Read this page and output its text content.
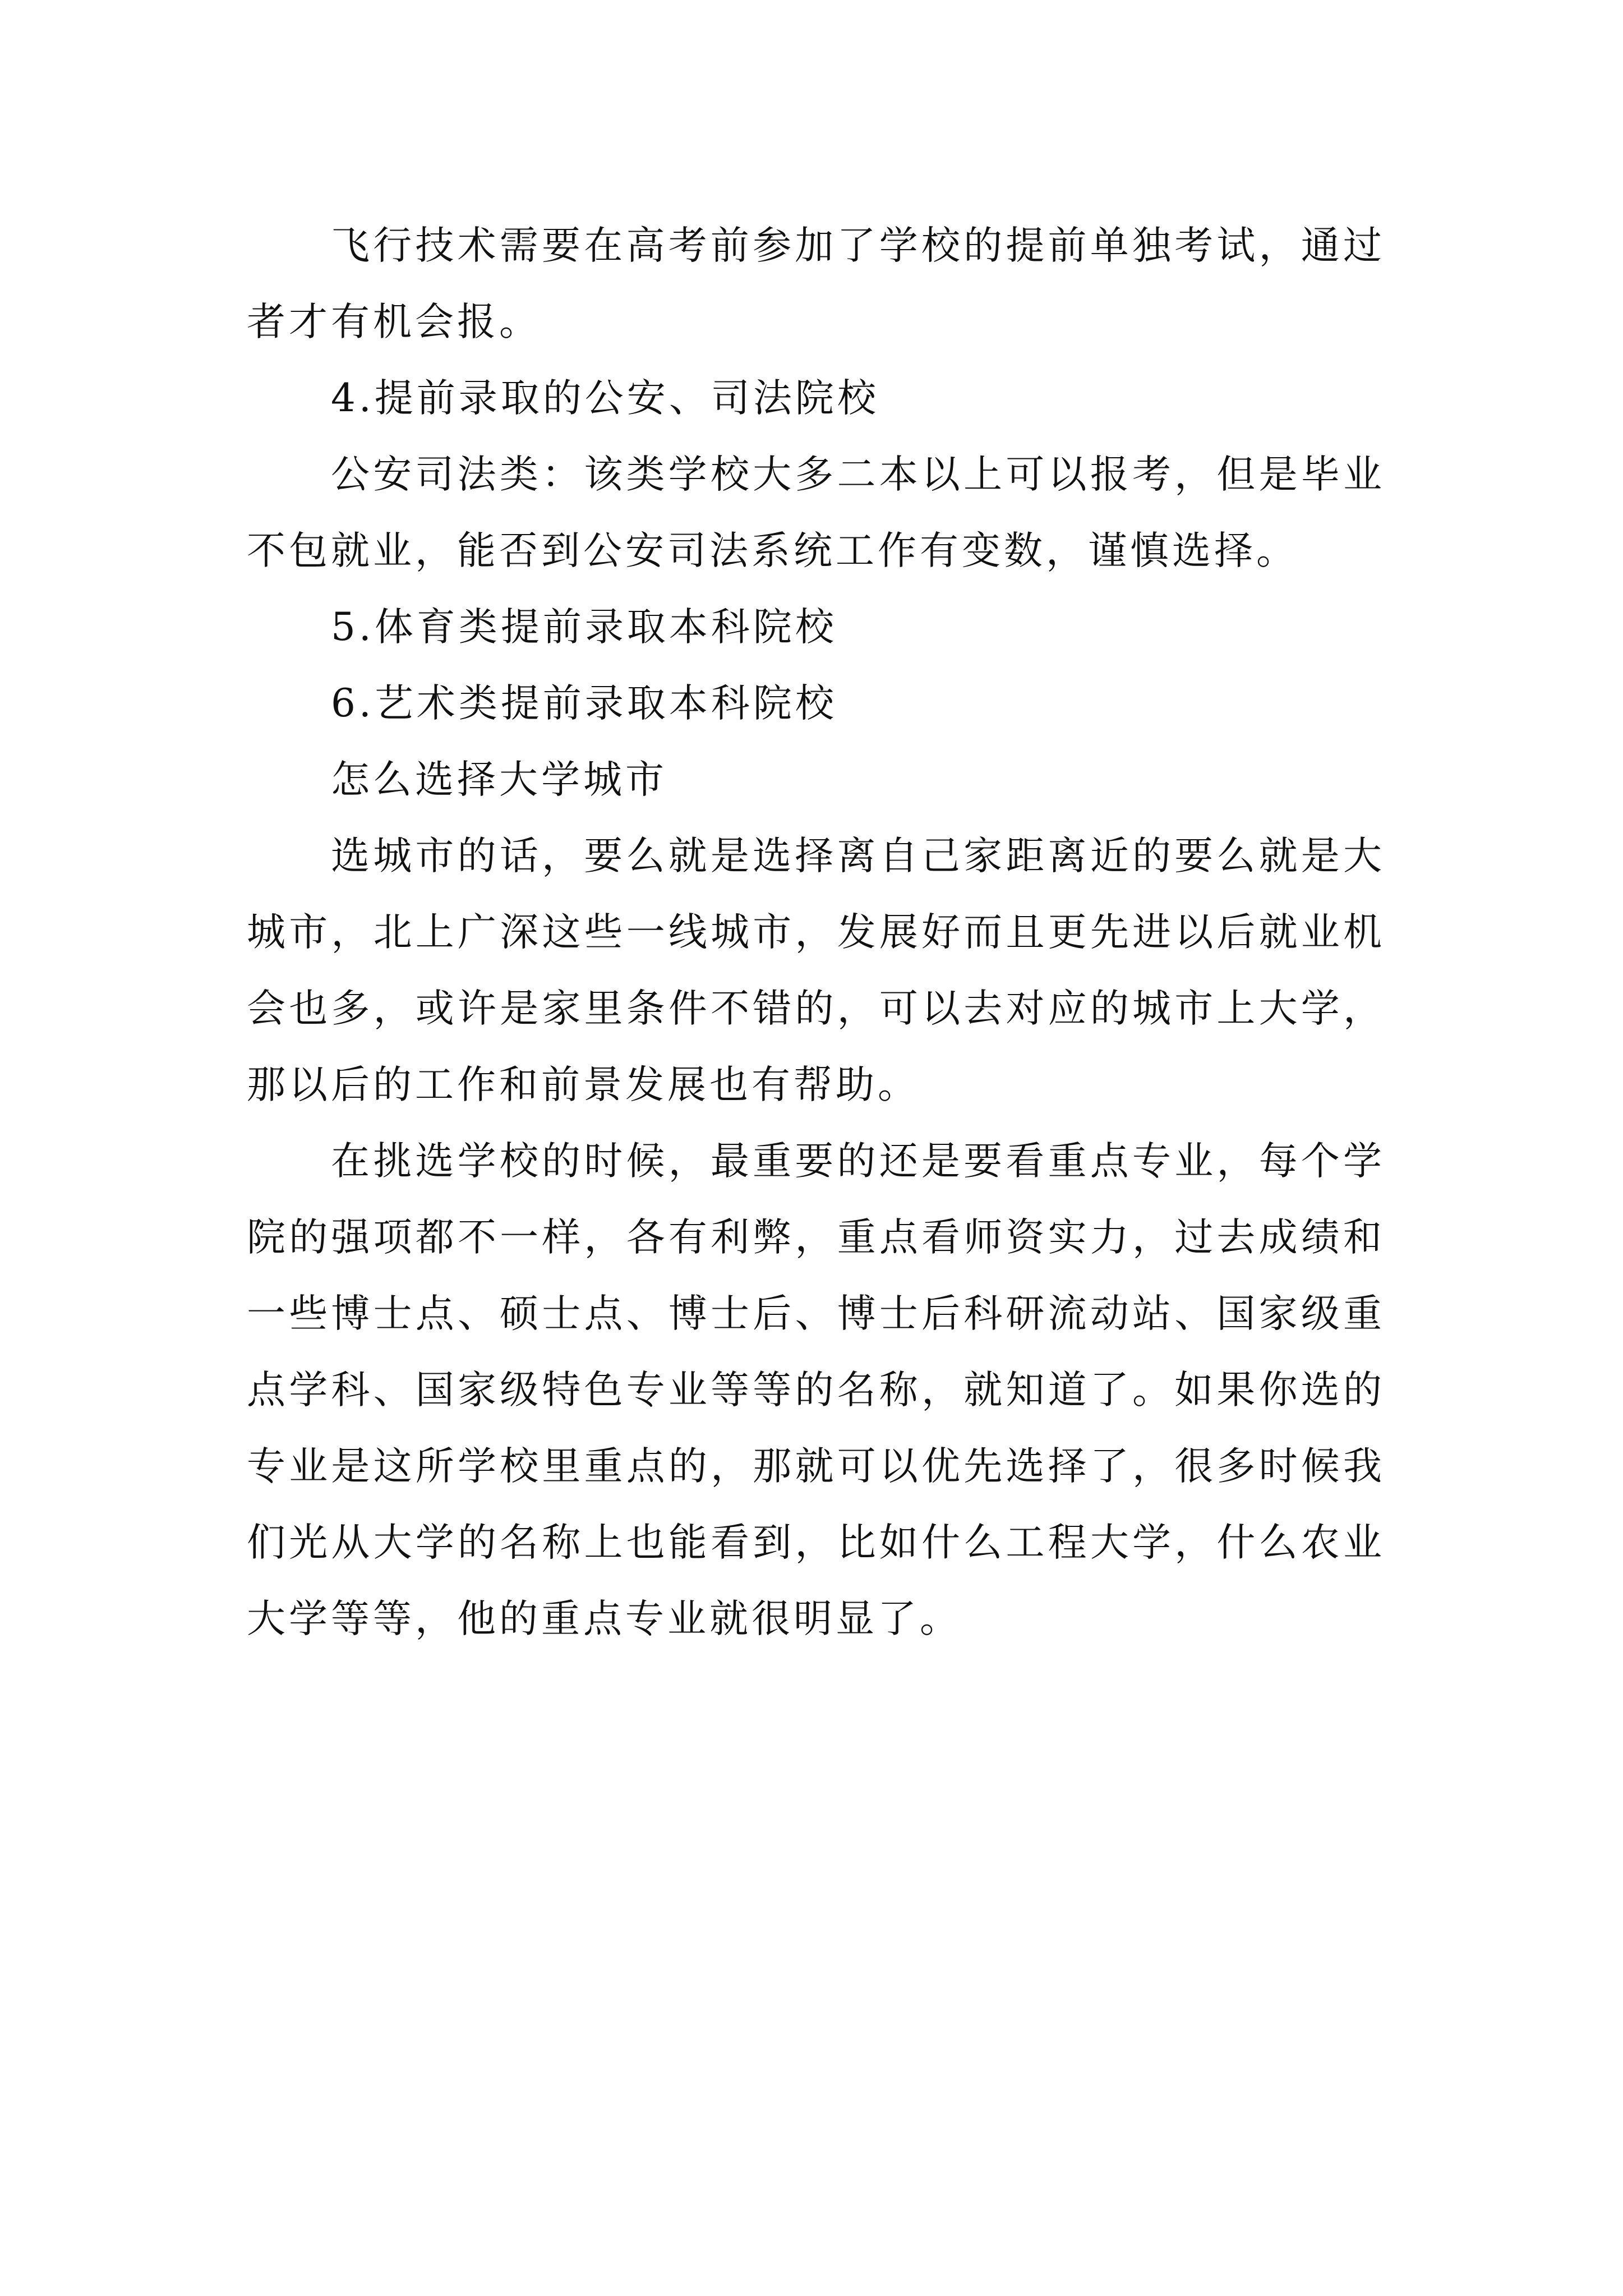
飞行技术需要在高考前参加了学校的提前单独考试，通过者才有机会报。

4.提前录取的公安、司法院校

公安司法类：该类学校大多二本以上可以报考，但是毕业不包就业，能否到公安司法系统工作有变数，谨慎选择。

5.体育类提前录取本科院校

6.艺术类提前录取本科院校

怎么选择大学城市

选城市的话，要么就是选择离自己家距离近的要么就是大城市，北上广深这些一线城市，发展好而且更先进以后就业机会也多，或许是家里条件不错的，可以去对应的城市上大学，那以后的工作和前景发展也有帮助。

在挑选学校的时候，最重要的还是要看重点专业，每个学院的强项都不一样，各有利弊，重点看师资实力，过去成绩和一些博士点、硕士点、博士后、博士后科研流动站、国家级重点学科、国家级特色专业等等的名称，就知道了。如果你选的专业是这所学校里重点的，那就可以优先选择了，很多时候我们光从大学的名称上也能看到，比如什么工程大学，什么农业大学等等，他的重点专业就很明显了。
